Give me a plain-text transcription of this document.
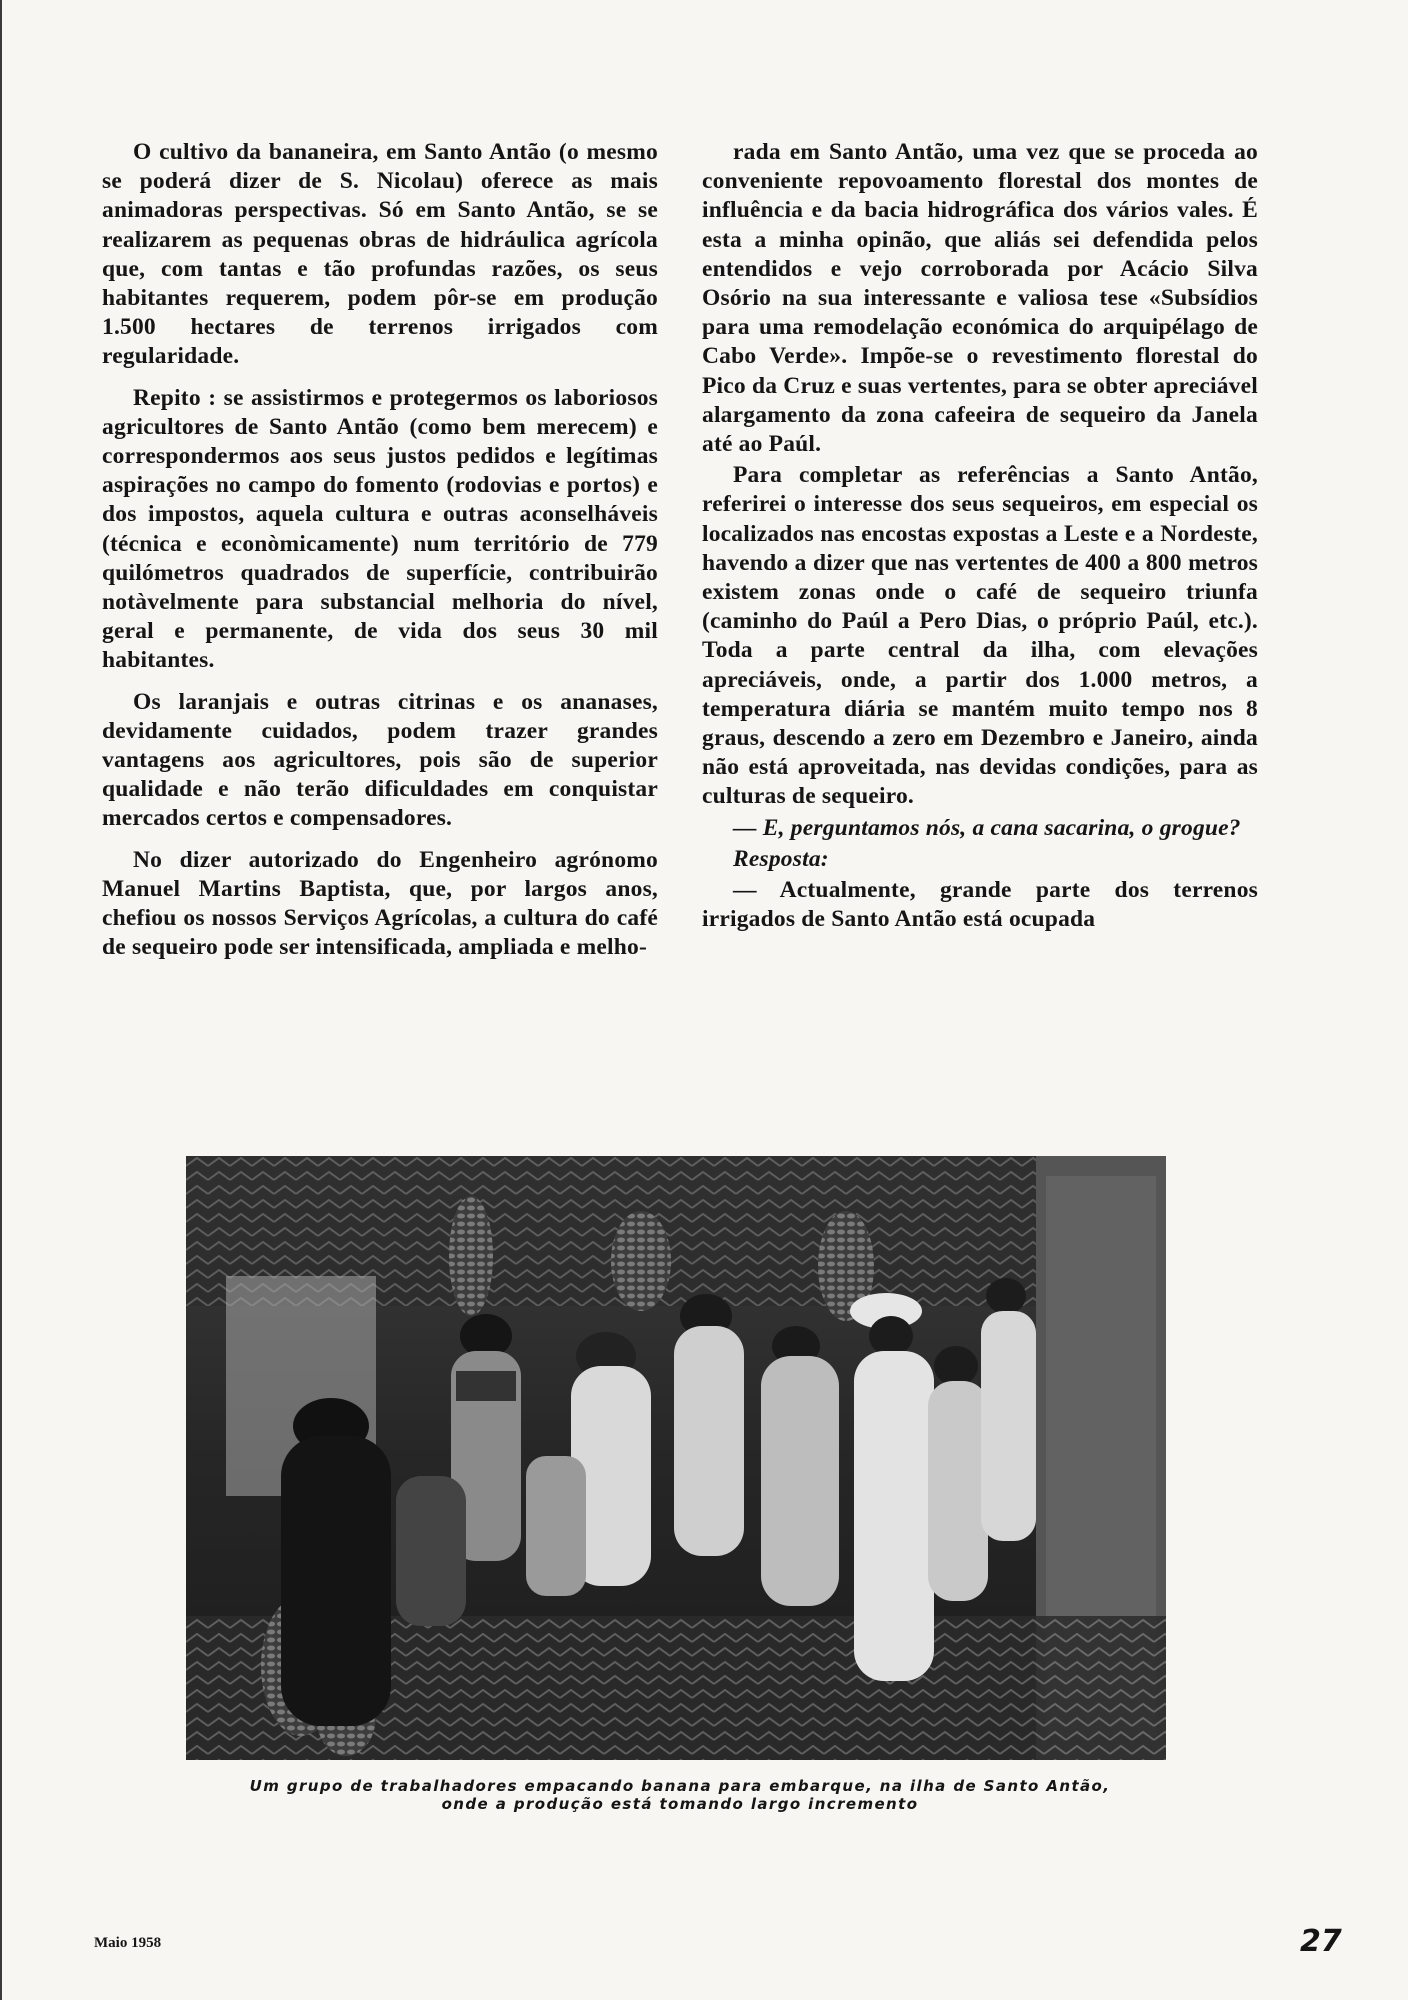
O cultivo da bananeira, em Santo Antão (o mesmo se poderá dizer de S. Nicolau) oferece as mais animadoras perspectivas. Só em Santo Antão, se se realizarem as pequenas obras de hidráulica agrícola que, com tantas e tão profundas razões, os seus habitantes requerem, podem pôr-se em produção 1.500 hectares de terrenos irrigados com regularidade.

Repito : se assistirmos e protegermos os laboriosos agricultores de Santo Antão (como bem merecem) e correspondermos aos seus justos pedidos e legítimas aspirações no campo do fomento (rodovias e portos) e dos impostos, aquela cultura e outras aconselháveis (técnica e econòmicamente) num território de 779 quilómetros quadrados de superfície, contribuirão notàvelmente para substancial melhoria do nível, geral e permanente, de vida dos seus 30 mil habitantes.

Os laranjais e outras citrinas e os ananases, devidamente cuidados, podem trazer grandes vantagens aos agricultores, pois são de superior qualidade e não terão dificuldades em conquistar mercados certos e compensadores.

No dizer autorizado do Engenheiro agrónomo Manuel Martins Baptista, que, por largos anos, chefiou os nossos Serviços Agrícolas, a cultura do café de sequeiro pode ser intensificada, ampliada e melho-

rada em Santo Antão, uma vez que se proceda ao conveniente repovoamento florestal dos montes de influência e da bacia hidrográfica dos vários vales. É esta a minha opinão, que aliás sei defendida pelos entendidos e vejo corroborada por Acácio Silva Osório na sua interessante e valiosa tese «Subsídios para uma remodelação económica do arquipélago de Cabo Verde». Impõe-se o revestimento florestal do Pico da Cruz e suas vertentes, para se obter apreciável alargamento da zona cafeeira de sequeiro da Janela até ao Paúl.

Para completar as referências a Santo Antão, referirei o interesse dos seus sequeiros, em especial os localizados nas encostas expostas a Leste e a Nordeste, havendo a dizer que nas vertentes de 400 a 800 metros existem zonas onde o café de sequeiro triunfa (caminho do Paúl a Pero Dias, o próprio Paúl, etc.). Toda a parte central da ilha, com elevações apreciáveis, onde, a partir dos 1.000 metros, a temperatura diária se mantém muito tempo nos 8 graus, descendo a zero em Dezembro e Janeiro, ainda não está aproveitada, nas devidas condições, para as culturas de sequeiro.

— E, perguntamos nós, a cana sacarina, o grogue?

Resposta:

— Actualmente, grande parte dos terrenos irrigados de Santo Antão está ocupada

Um grupo de trabalhadores empacando banana para embarque, na ilha de Santo Antão,
onde a produção está tomando largo incremento
Maio 1958	27
